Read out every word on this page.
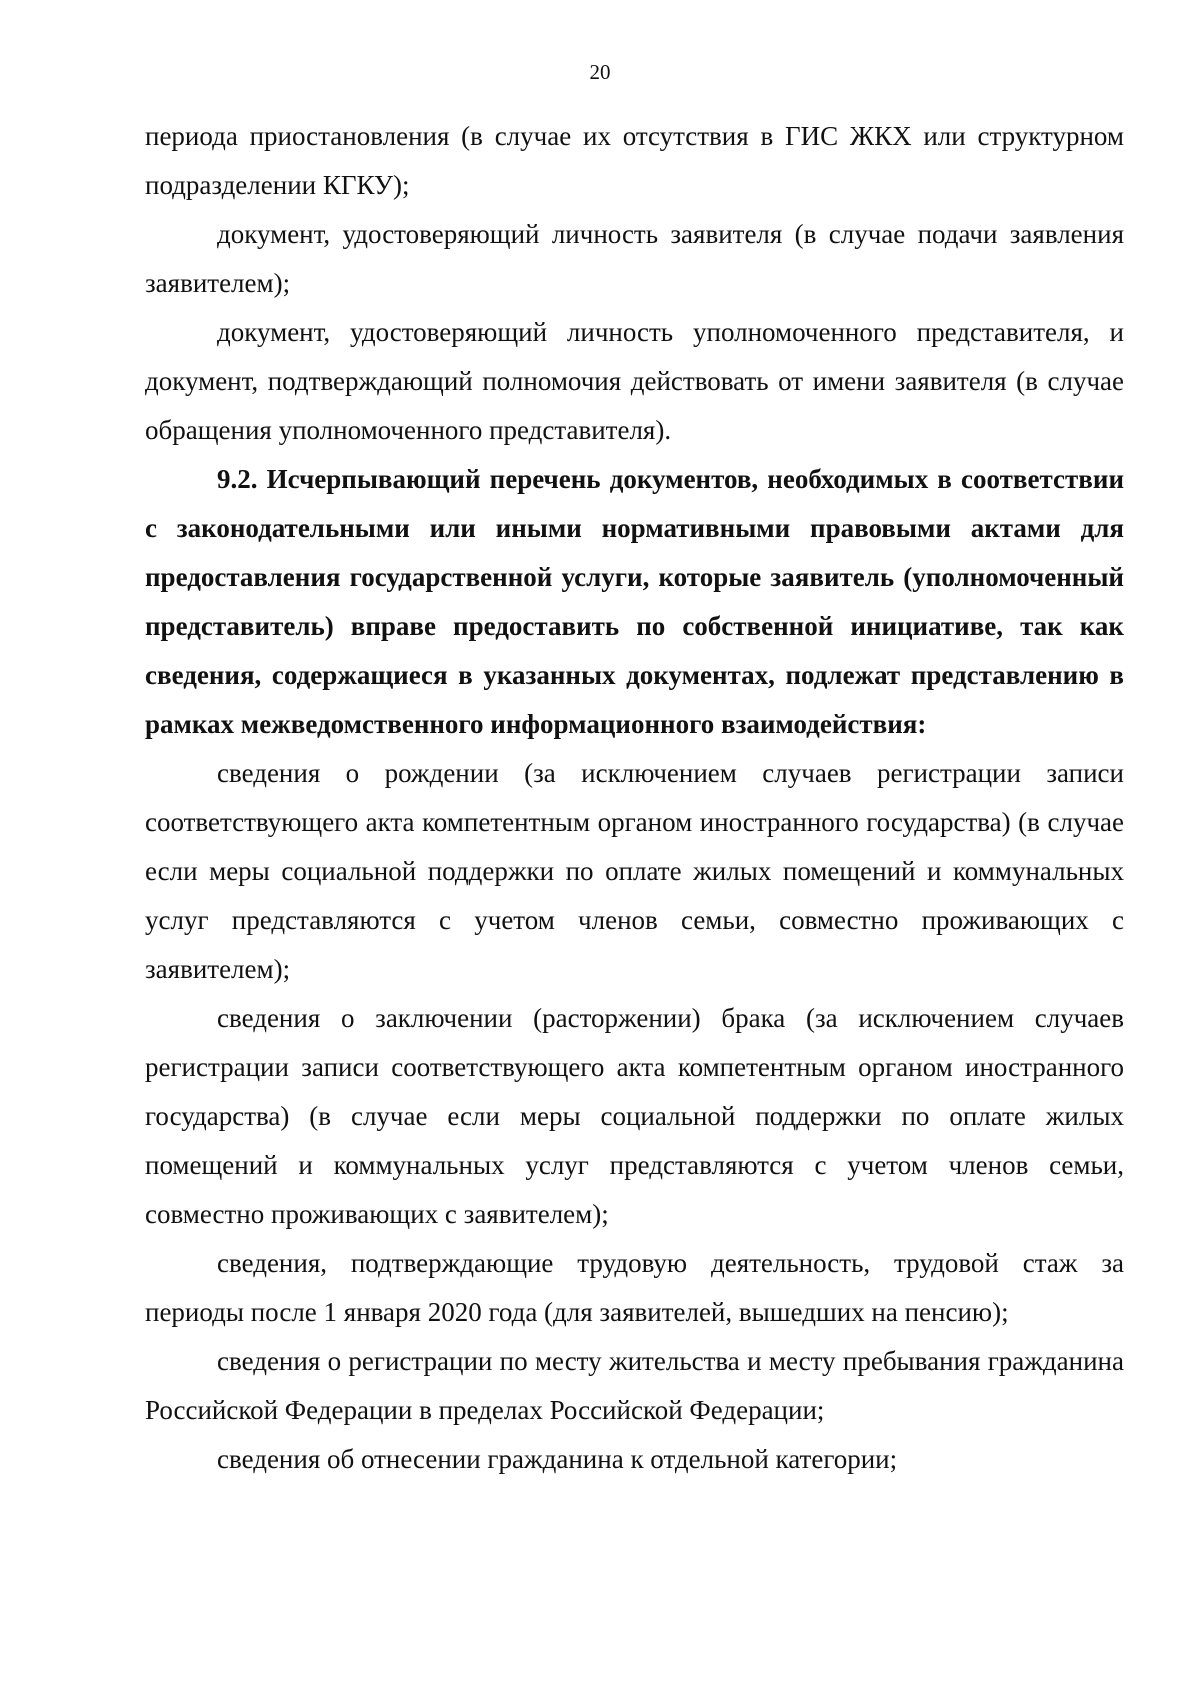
20

периода приостановления (в случае их отсутствия в ГИС ЖКХ или структурном подразделении КГКУ);

документ, удостоверяющий личность заявителя (в случае подачи заявления заявителем);

документ, удостоверяющий личность уполномоченного представителя, и документ, подтверждающий полномочия действовать от имени заявителя (в случае обращения уполномоченного представителя).

9.2. Исчерпывающий перечень документов, необходимых в соответствии с законодательными или иными нормативными правовыми актами для предоставления государственной услуги, которые заявитель (уполномоченный представитель) вправе предоставить по собственной инициативе, так как сведения, содержащиеся в указанных документах, подлежат представлению в рамках межведомственного информационного взаимодействия:

сведения о рождении (за исключением случаев регистрации записи соответствующего акта компетентным органом иностранного государства) (в случае если меры социальной поддержки по оплате жилых помещений и коммунальных услуг представляются с учетом членов семьи, совместно проживающих с заявителем);

сведения о заключении (расторжении) брака (за исключением случаев регистрации записи соответствующего акта компетентным органом иностранного государства) (в случае если меры социальной поддержки по оплате жилых помещений и коммунальных услуг представляются с учетом членов семьи, совместно проживающих с заявителем);

сведения, подтверждающие трудовую деятельность, трудовой стаж за периоды после 1 января 2020 года (для заявителей, вышедших на пенсию);

сведения о регистрации по месту жительства и месту пребывания гражданина Российской Федерации в пределах Российской Федерации;

сведения об отнесении гражданина к отдельной категории;
